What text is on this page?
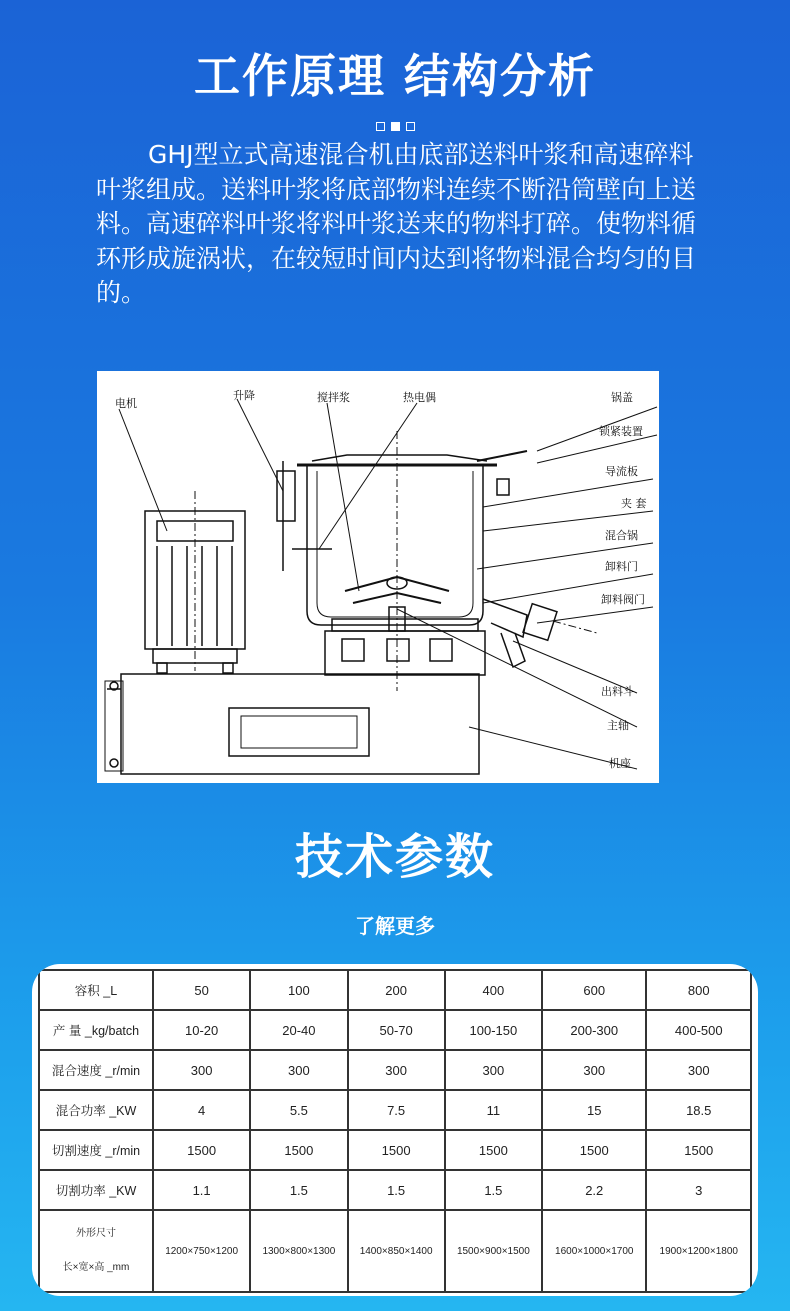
工作原理 结构分析
GHJ型立式高速混合机由底部送料叶浆和高速碎料叶浆组成。送料叶浆将底部物料连续不断沿筒壁向上送料。高速碎料叶浆将料叶浆送来的物料打碎。使物料循环形成旋涡状，在较短时间内达到将物料混合均匀的目的。
电机
升降	搅拌浆	热电偶	锅盖
锁紧装置
导流板
夹 套
混合锅
卸料门
卸料阀门
出料斗
主轴
机座
技术参数
了解更多
容积 _L	50	100	200	400	600	800
产 量 _kg/batch	10-20	20-40	50-70	100-150	200-300	400-500
混合速度 _r/min	300	300	300	300	300	300
混合功率 _KW	4	5.5	7.5	11	15	18.5
切割速度 _r/min	1500	1500	1500	1500	1500	1500
切割功率 _KW	1.1	1.5	1.5	1.5	2.2	3

外形尺寸
长×宽×高 _mm	1200×750×1200	1300×800×1300	1400×850×1400	1500×900×1500	1600×1000×1700	1900×1200×1800
